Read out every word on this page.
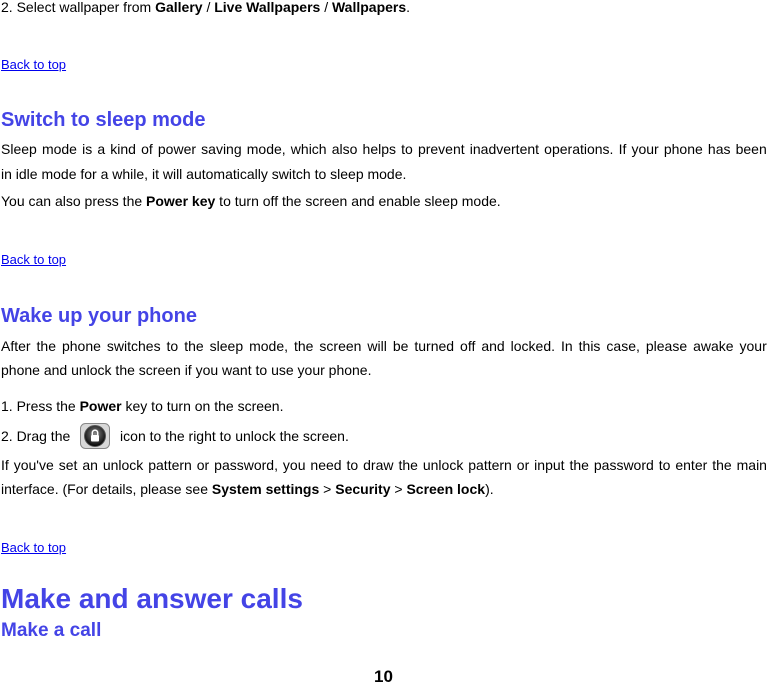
2. Select wallpaper from Gallery / Live Wallpapers / Wallpapers.
Back to top
Switch to sleep mode
Sleep mode is a kind of power saving mode, which also helps to prevent inadvertent operations. If your phone has been
in idle mode for a while, it will automatically switch to sleep mode.
You can also press the Power key to turn off the screen and enable sleep mode.
Back to top
Wake up your phone
After the phone switches to the sleep mode, the screen will be turned off and locked. In this case, please awake your
phone and unlock the screen if you want to use your phone.
1. Press the Power key to turn on the screen.
2. Drag the	icon to the right to unlock the screen.
If you've set an unlock pattern or password, you need to draw the unlock pattern or input the password to enter the main
interface. (For details, please see System settings > Security > Screen lock).
Back to top
Make and answer calls
Make a call
10
